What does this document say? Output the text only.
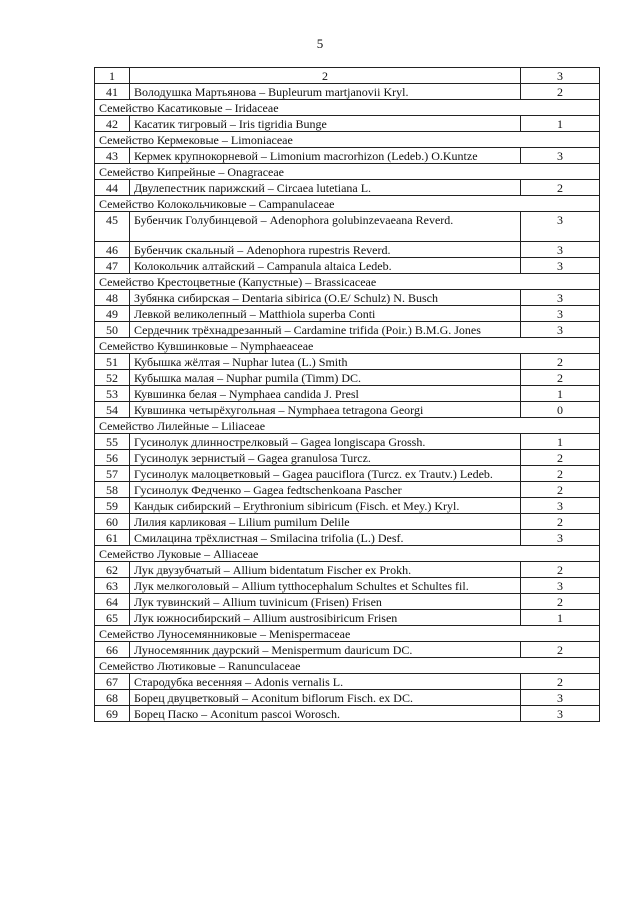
5
1	2	3
41	Володушка Мартьянова – Bupleurum martjanovii Kryl.	2
Семейство Касатиковые – Iridaceae		
42	Касатик тигровый – Iris tigridia Bunge	1
Семейство Кермековые – Limoniaceae		
43	Кермек крупнокорневой – Limonium macrorhizon (Ledeb.) O.Kuntze	3
Семейство Кипрейные – Onagraceae		
44	Двулепестник парижский – Circaea lutetiana L.	2
Семейство Колокольчиковые – Campanulaceae		
45	Бубенчик Голубинцевой – Adenophora golubinzevaeana Reverd.	3
46	Бубенчик скальный – Adenophora rupestris Reverd.	3
47	Колокольчик алтайский – Campanula altaica Ledeb.	3
Семейство Крестоцветные (Капустные) – Brassicaceae		
48	Зубянка сибирская – Dentaria sibirica (O.E/ Schulz) N. Busch	3
49	Левкой великолепный – Matthiola superba Conti	3
50	Сердечник трёхнадрезанный – Cardamine trifida (Poir.) B.M.G. Jones	3
Семейство Кувшинковые – Nymphaeaceae		
51	Кубышка жёлтая – Nuphar lutea (L.) Smith	2
52	Кубышка малая – Nuphar pumila (Timm) DC.	2
53	Кувшинка белая – Nymphaea candida J. Presl	1
54	Кувшинка четырёхугольная – Nymphaea tetragona Georgi	0
Семейство Лилейные – Liliaceae		
55	Гусинолук длиннострелковый – Gagea longiscapa Grossh.	1
56	Гусинолук зернистый – Gagea granulosa Turcz.	2
57	Гусинолук малоцветковый – Gagea pauciflora (Turcz. ex Trautv.) Ledeb.	2
58	Гусинолук Федченко – Gagea fedtschenkoana Pascher	2
59	Кандык сибирский – Erythronium sibiricum (Fisch. et Mey.) Kryl.	3
60	Лилия карликовая – Lilium pumilum Delile	2
61	Смилацина трёхлистная – Smilacina trifolia (L.) Desf.	3
Семейство Луковые – Alliaceae		
62	Лук двузубчатый – Allium bidentatum Fischer ex Prokh.	2
63	Лук мелкоголовый – Allium tytthocephalum Schultes et Schultes fil.	3
64	Лук тувинский – Allium tuvinicum (Frisen) Frisen	2
65	Лук южносибирский – Allium austrosibiricum Frisen	1
Семейство Луносемянниковые – Menispermaceae		
66	Луносемянник даурский – Menispermum dauricum DC.	2
Семейство Лютиковые – Ranunculaceae		
67	Стародубка весенняя – Adonis vernalis L.	2
68	Борец двуцветковый – Aconitum biflorum Fisch. ex DC.	3
69	Борец Паско – Aconitum pascoi Worosch.	3
